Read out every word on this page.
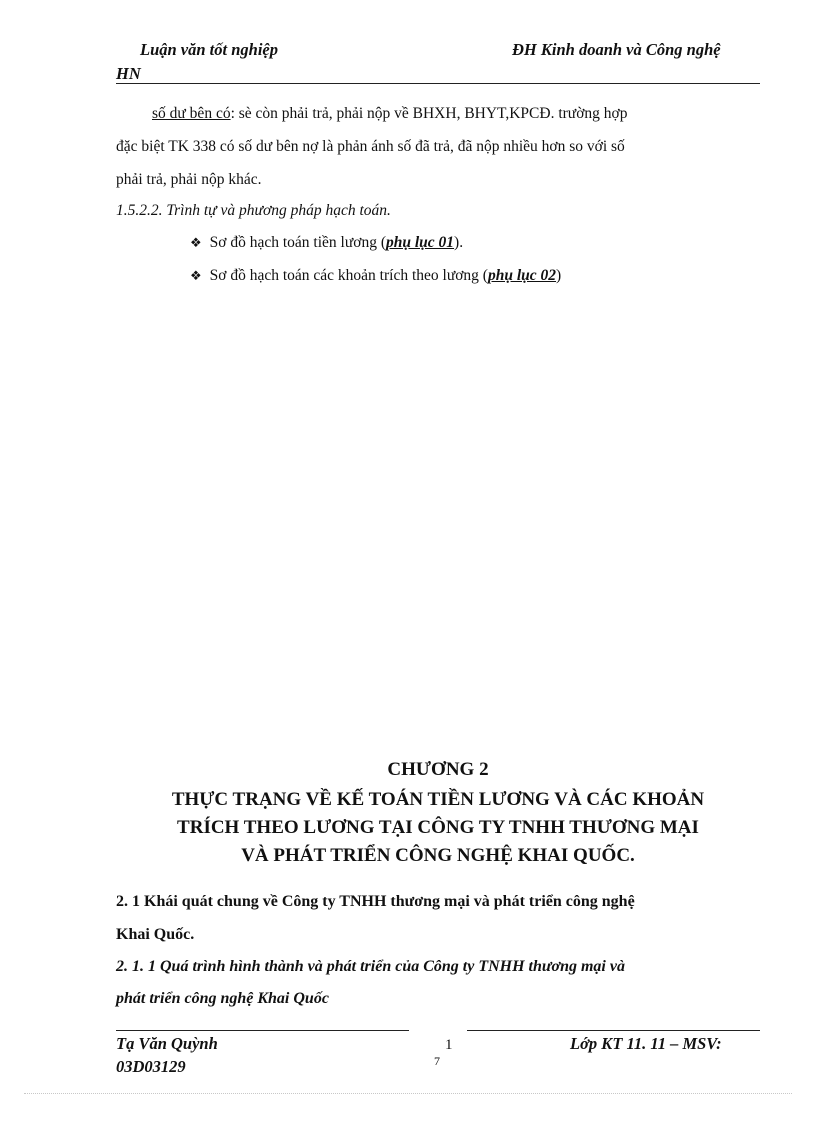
Luận văn tốt nghiệp	ĐH Kinh doanh và Công nghệ
HN
số dư bên có: sè còn phải trả, phải nộp về BHXH, BHYT,KPCĐ. trường hợp
đặc biệt TK 338 có số dư bên nợ là phản ánh số đã trả, đã nộp nhiều hơn so với số
phải trả, phải nộp khác.
1.5.2.2. Trình tự và phương pháp hạch toán.
❖ Sơ đồ hạch toán tiền lương (phụ lục 01).
❖ Sơ đồ hạch toán các khoản trích theo lương (phụ lục 02)
CHƯƠNG 2
THỰC TRẠNG VỀ KẾ TOÁN TIỀN LƯƠNG VÀ CÁC KHOẢN
TRÍCH THEO LƯƠNG TẠI CÔNG TY TNHH THƯƠNG MẠI
VÀ PHÁT TRIỂN CÔNG NGHỆ KHAI QUỐC.
2. 1 Khái quát chung về Công ty TNHH thương mại và phát triển công nghệ
Khai Quốc.
2. 1. 1 Quá trình hình thành và phát triển của Công ty TNHH thương mại và
phát triển công nghệ Khai Quốc
Tạ Văn Quỳnh	1
7
Lớp KT 11. 11 – MSV:
03D03129
